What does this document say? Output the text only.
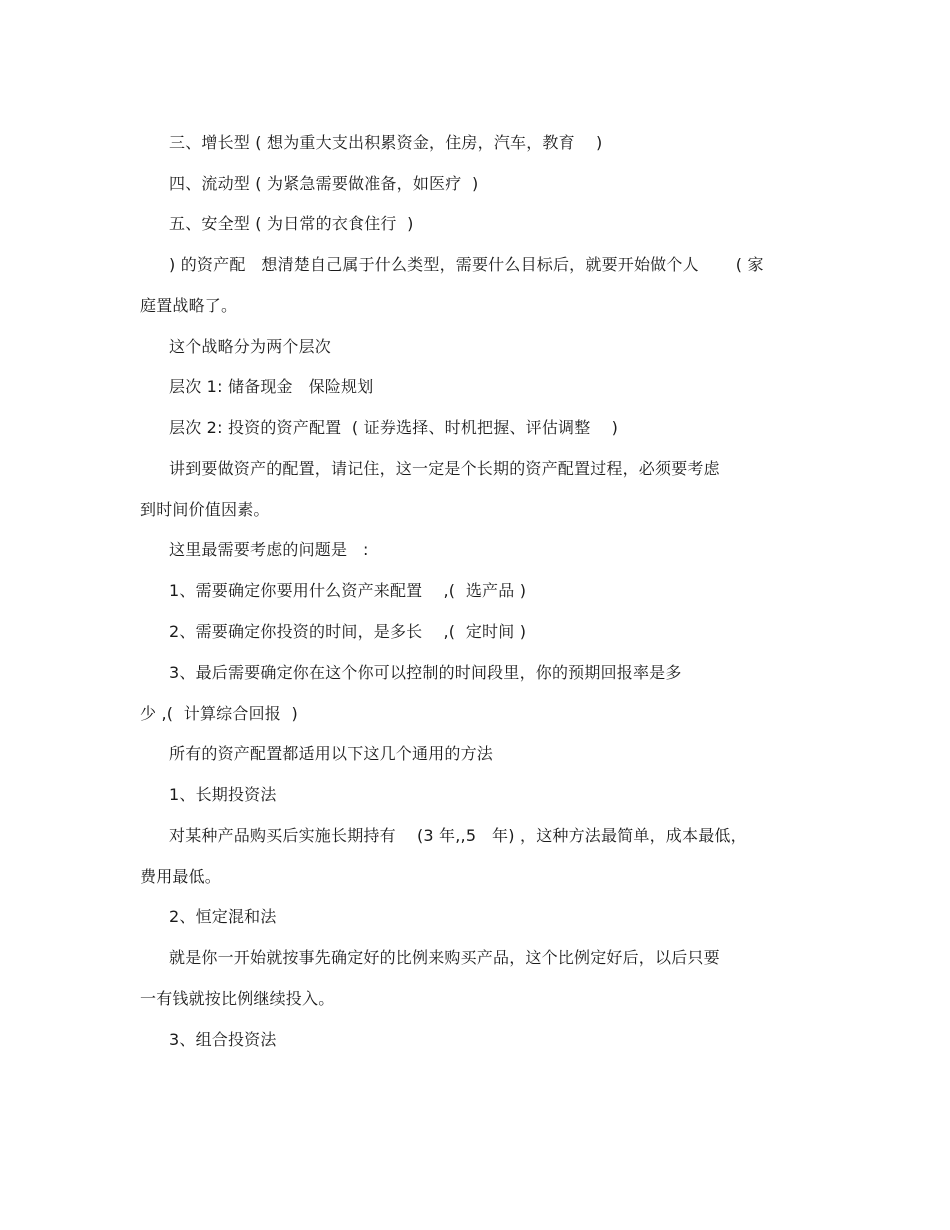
三、增长型 ( 想为重大支出积累资金，住房，汽车，教育    )
四、流动型 ( 为紧急需要做准备，如医疗  )
五、安全型 ( 为日常的衣食住行  )
) 的资产配   想清楚自己属于什么类型，需要什么目标后，就要开始做个人       ( 家
庭置战略了。
这个战略分为两个层次
层次 1: 储备现金   保险规划
层次 2: 投资的资产配置  ( 证券选择、时机把握、评估调整    )
讲到要做资产的配置，请记住，这一定是个长期的资产配置过程，必须要考虑
到时间价值因素。
这里最需要考虑的问题是   :
1、需要确定你要用什么资产来配置    ,(  选产品 )
2、需要确定你投资的时间，是多长    ,(  定时间 )
3、最后需要确定你在这个你可以控制的时间段里，你的预期回报率是多
少 ,(  计算综合回报  )
所有的资产配置都适用以下这几个通用的方法
1、长期投资法
对某种产品购买后实施长期持有    (3 年,,5   年) ，这种方法最简单，成本最低，
费用最低。
2、恒定混和法
就是你一开始就按事先确定好的比例来购买产品，这个比例定好后，以后只要
一有钱就按比例继续投入。
3、组合投资法
